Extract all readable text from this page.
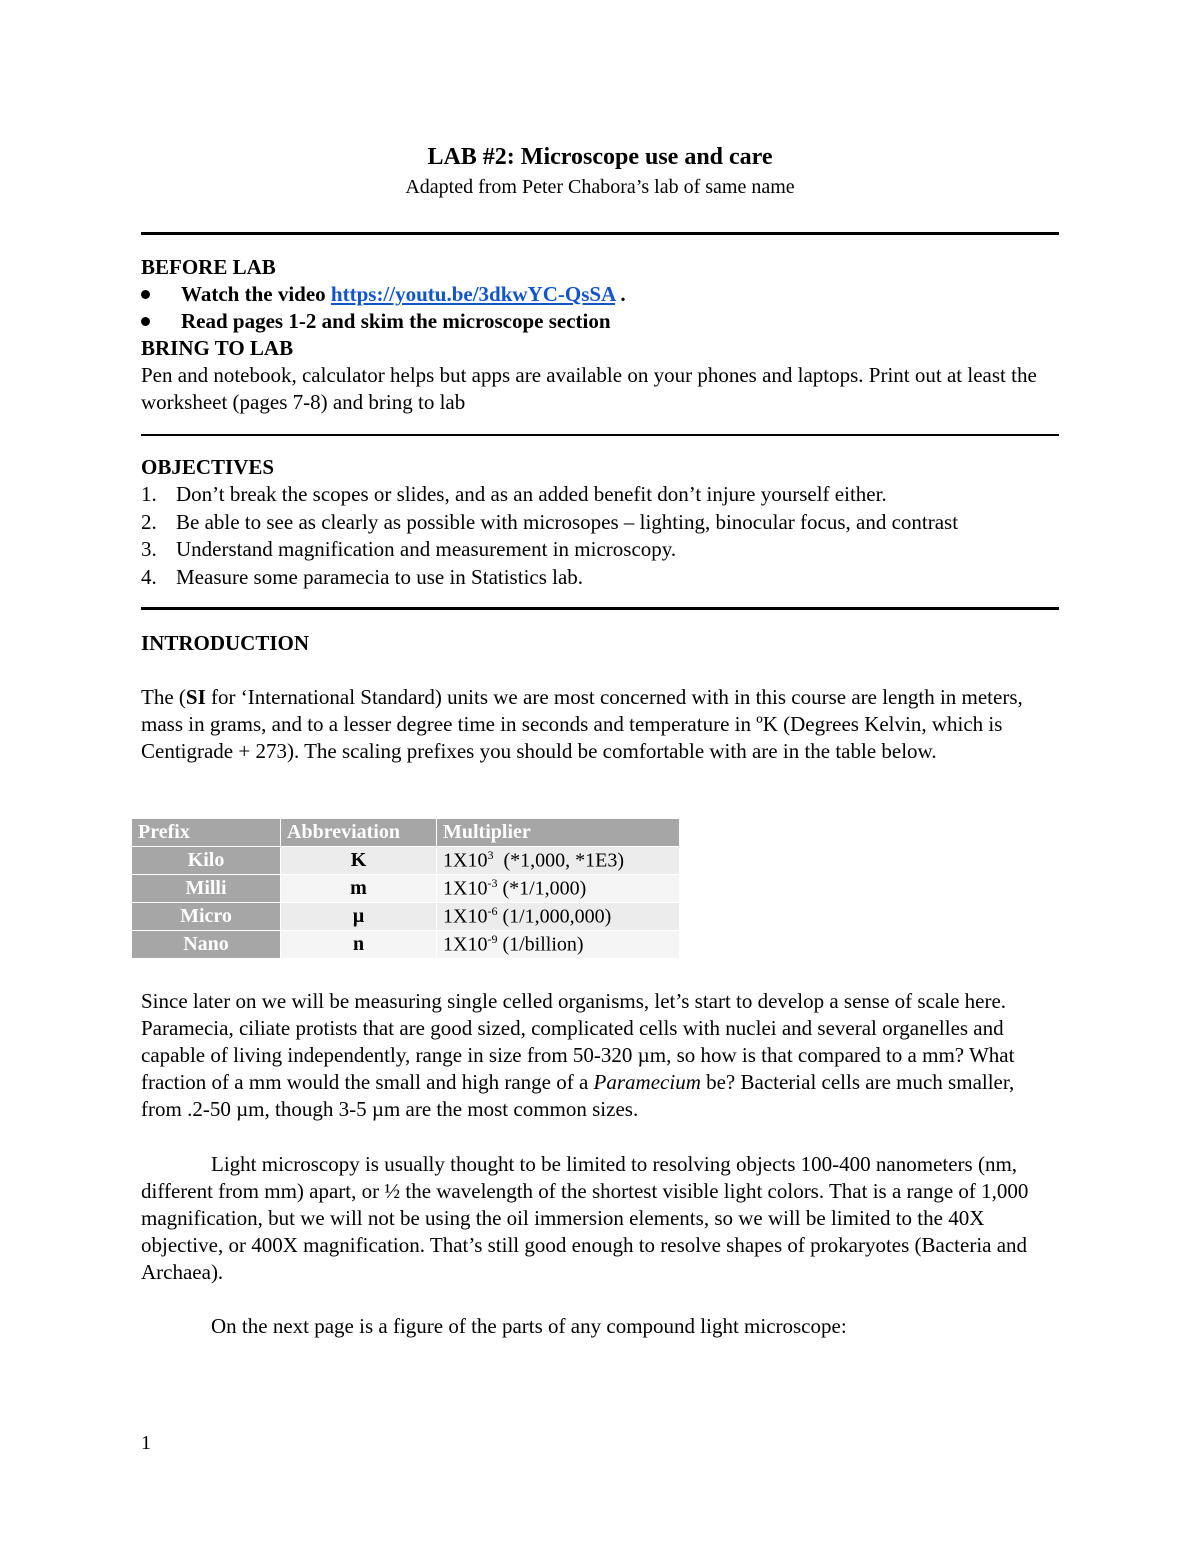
LAB #2: Microscope use and care
Adapted from Peter Chabora’s lab of same name
BEFORE LAB
Watch the video https://youtu.be/3dkwYC-QsSA .
Read pages 1-2 and skim the microscope section
BRING TO LAB
Pen and notebook, calculator helps but apps are available on your phones and laptops. Print out at least the worksheet (pages 7-8) and bring to lab
OBJECTIVES
1. Don’t break the scopes or slides, and as an added benefit don’t injure yourself either.
2. Be able to see as clearly as possible with microsopes – lighting, binocular focus, and contrast
3. Understand magnification and measurement in microscopy.
4. Measure some paramecia to use in Statistics lab.
INTRODUCTION
The (SI for ‘International Standard) units we are most concerned with in this course are length in meters, mass in grams, and to a lesser degree time in seconds and temperature in ºK (Degrees Kelvin, which is Centigrade + 273). The scaling prefixes you should be comfortable with are in the table below.
Prefix	Abbreviation	Multiplier
Kilo	K	$1X10^3$  (*1,000, *1E3)
Milli	m	$1X10^{-3}$ (*1/1,000)
Micro	µ	$1X10^{-6}$ (1/1,000,000)
Nano	n	$1X10^{-9}$ (1/billion)
Since later on we will be measuring single celled organisms, let’s start to develop a sense of scale here. Paramecia, ciliate protists that are good sized, complicated cells with nuclei and several organelles and capable of living independently, range in size from 50-320 µm, so how is that compared to a mm? What fraction of a mm would the small and high range of a Paramecium be? Bacterial cells are much smaller, from .2-50 µm, though 3-5 µm are the most common sizes.
Light microscopy is usually thought to be limited to resolving objects 100-400 nanometers (nm, different from mm) apart, or ½ the wavelength of the shortest visible light colors. That is a range of 1,000 magnification, but we will not be using the oil immersion elements, so we will be limited to the 40X objective, or 400X magnification. That’s still good enough to resolve shapes of prokaryotes (Bacteria and Archaea).
On the next page is a figure of the parts of any compound light microscope:
1
